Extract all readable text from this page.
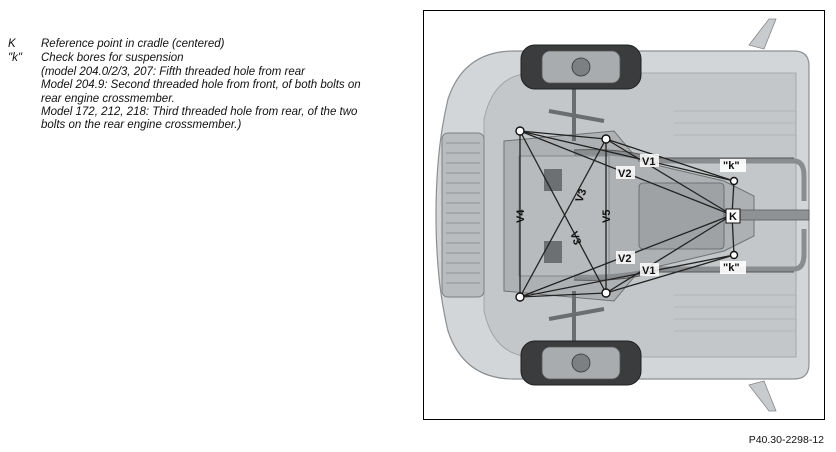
K	Reference point in cradle (centered)
"k"	Check bores for suspension
(model 204.0/2/3, 207: Fifth threaded hole from rear
Model 204.9: Second threaded hole from front, of both bolts on
rear engine crossmember.
Model 172, 212, 218: Third threaded hole from rear, of the two
bolts on the rear engine crossmember.)
V1
V2
V2
V1
V3
V3
V4	V5	K
"k"
"k"
P40.30-2298-12
